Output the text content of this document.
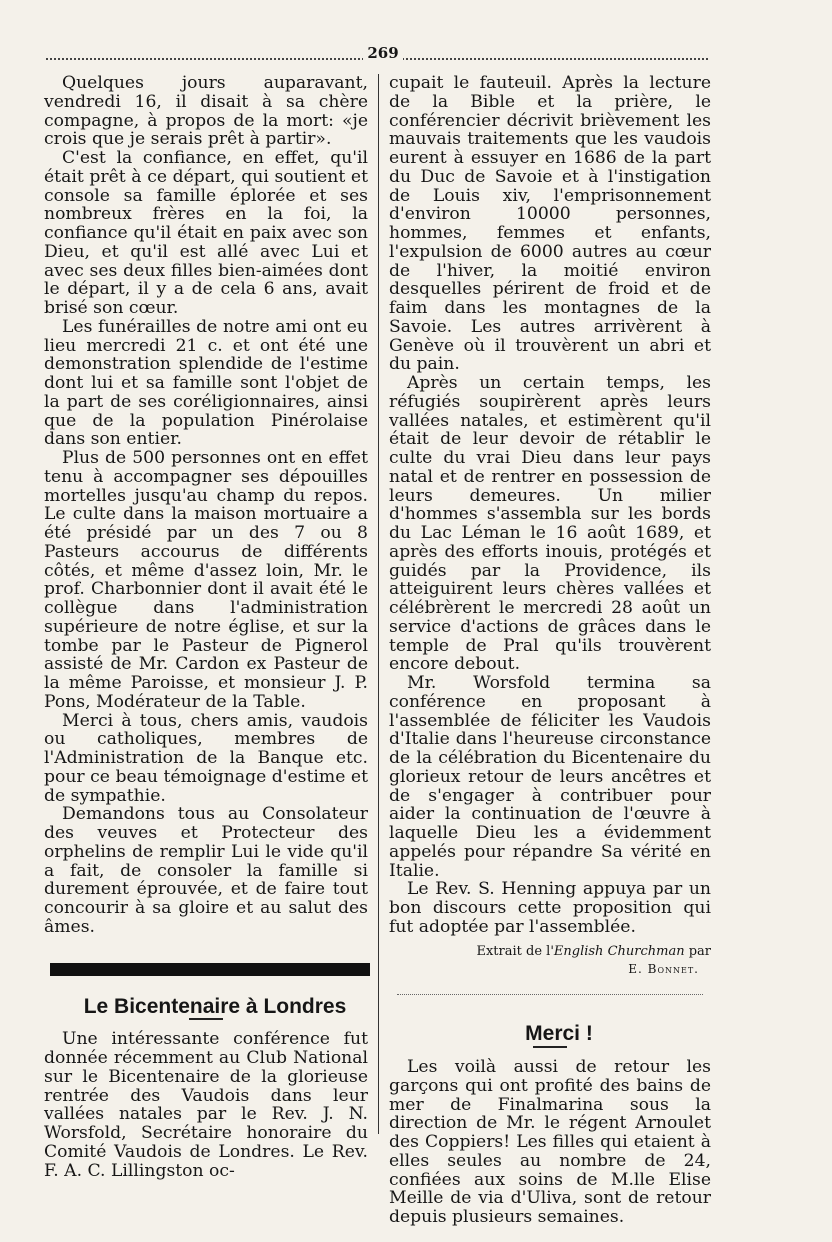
269

Quelques jours auparavant, vendredi 16, il disait à sa chère compagne, à propos de la mort: «je crois que je serais prêt à partir».

C'est la confiance, en effet, qu'il était prêt à ce départ, qui soutient et console sa famille éplorée et ses nombreux frères en la foi, la confiance qu'il était en paix avec son Dieu, et qu'il est allé avec Lui et avec ses deux filles bien-aimées dont le départ, il y a de cela 6 ans, avait brisé son cœur.

Les funérailles de notre ami ont eu lieu mercredi 21 c. et ont été une demonstration splendide de l'estime dont lui et sa famille sont l'objet de la part de ses coréligionnaires, ainsi que de la population Pinérolaise dans son entier.

Plus de 500 personnes ont en effet tenu à accompagner ses dépouilles mortelles jusqu'au champ du repos. Le culte dans la maison mortuaire a été présidé par un des 7 ou 8 Pasteurs accourus de différents côtés, et même d'assez loin, Mr. le prof. Charbonnier dont il avait été le collègue dans l'administration supérieure de notre église, et sur la tombe par le Pasteur de Pignerol assisté de Mr. Cardon ex Pasteur de la même Paroisse, et monsieur J. P. Pons, Modérateur de la Table.

Merci à tous, chers amis, vaudois ou catholiques, membres de l'Administration de la Banque etc. pour ce beau témoignage d'estime et de sympathie.

Demandons tous au Consolateur des veuves et Protecteur des orphelins de remplir Lui le vide qu'il a fait, de consoler la famille si durement éprouvée, et de faire tout concourir à sa gloire et au salut des âmes.

Le Bicentenaire à Londres

Une intéressante conférence fut donnée récemment au Club National sur le Bicentenaire de la glorieuse rentrée des Vaudois dans leur vallées natales par le Rev. J. N. Worsfold, Secrétaire honoraire du Comité Vaudois de Londres. Le Rev. F. A. C. Lillingston oc-

cupait le fauteuil. Après la lecture de la Bible et la prière, le conférencier décrivit brièvement les mauvais traitements que les vaudois eurent à essuyer en 1686 de la part du Duc de Savoie et à l'instigation de Louis xiv, l'emprisonnement d'environ 10000 personnes, hommes, femmes et enfants, l'expulsion de 6000 autres au cœur de l'hiver, la moitié environ desquelles périrent de froid et de faim dans les montagnes de la Savoie. Les autres arrivèrent à Genève où il trouvèrent un abri et du pain.

Après un certain temps, les réfugiés soupirèrent après leurs vallées natales, et estimèrent qu'il était de leur devoir de rétablir le culte du vrai Dieu dans leur pays natal et de rentrer en possession de leurs demeures. Un milier d'hommes s'assembla sur les bords du Lac Léman le 16 août 1689, et après des efforts inouis, protégés et guidés par la Providence, ils atteiguirent leurs chères vallées et célébrèrent le mercredi 28 août un service d'actions de grâces dans le temple de Pral qu'ils trouvèrent encore debout.

Mr. Worsfold termina sa conférence en proposant à l'assemblée de féliciter les Vaudois d'Italie dans l'heureuse circonstance de la célébration du Bicentenaire du glorieux retour de leurs ancêtres et de s'engager à contribuer pour aider la continuation de l'œuvre à laquelle Dieu les a évidemment appelés pour répandre Sa vérité en Italie.

Le Rev. S. Henning appuya par un bon discours cette proposition qui fut adoptée par l'assemblée.

Extrait de l'English Churchman par

E. Bonnet.

Merci !

Les voilà aussi de retour les garçons qui ont profité des bains de mer de Finalmarina sous la direction de Mr. le régent Arnoulet des Coppiers! Les filles qui etaient à elles seules au nombre de 24, confiées aux soins de M.lle Elise Meille de via d'Uliva, sont de retour depuis plusieurs semaines.
